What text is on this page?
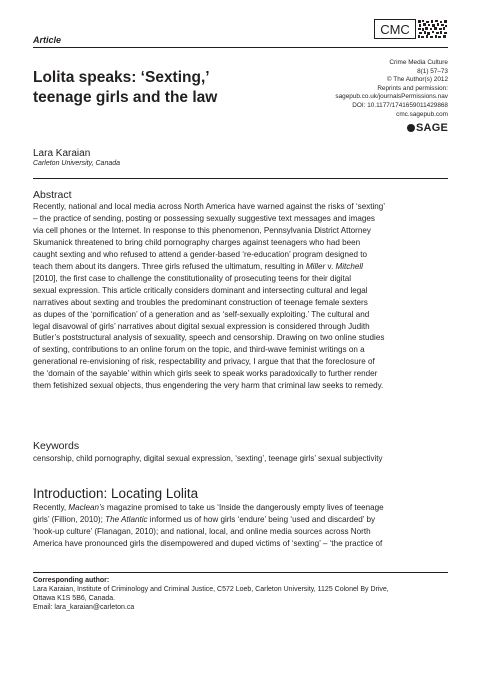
Article
CMC
Lolita speaks: ‘Sexting,’
teenage girls and the law
Crime Media Culture
8(1) 57–73
© The Author(s) 2012
Reprints and permission:
sagepub.co.uk/journalsPermissions.nav
DOI: 10.1177/1741659011429868
cmc.sagepub.com
SAGE
Lara Karaian
Carleton University, Canada
Abstract
Recently, national and local media across North America have warned against the risks of ‘sexting’
– the practice of sending, posting or possessing sexually suggestive text messages and images
via cell phones or the Internet. In response to this phenomenon, Pennsylvania District Attorney
Skumanick threatened to bring child pornography charges against teenagers who had been
caught sexting and who refused to attend a gender-based ‘re-education’ program designed to
teach them about its dangers. Three girls refused the ultimatum, resulting in Miller v. Mitchell
[2010], the first case to challenge the constitutionality of prosecuting teens for their digital
sexual expression. This article critically considers dominant and intersecting cultural and legal
narratives about sexting and troubles the predominant construction of teenage female sexters
as dupes of the ‘pornification’ of a generation and as ‘self-sexually exploiting.’ The cultural and
legal disavowal of girls’ narratives about digital sexual expression is considered through Judith
Butler’s poststructural analysis of sexuality, speech and censorship. Drawing on two online studies
of sexting, contributions to an online forum on the topic, and third-wave feminist writings on a
generational re-envisioning of risk, respectability and privacy, I argue that that the foreclosure of
the ‘domain of the sayable’ within which girls seek to speak works paradoxically to further render
them fetishized sexual objects, thus engendering the very harm that criminal law seeks to remedy.
Keywords
censorship, child pornography, digital sexual expression, ‘sexting’, teenage girls’ sexual subjectivity
Introduction: Locating Lolita
Recently, Maclean’s magazine promised to take us ‘Inside the dangerously empty lives of teenage
girls’ (Fillion, 2010); The Atlantic informed us of how girls ‘endure’ being ‘used and discarded’ by
‘hook-up culture’ (Flanagan, 2010); and national, local, and online media sources across North
America have pronounced girls the disempowered and duped victims of ‘sexting’ – ‘the practice of
Corresponding author:
Lara Karaian, Institute of Criminology and Criminal Justice, C572 Loeb, Carleton University, 1125 Colonel By Drive,
Ottawa K1S 5B6, Canada.
Email: lara_karaian@carleton.ca
